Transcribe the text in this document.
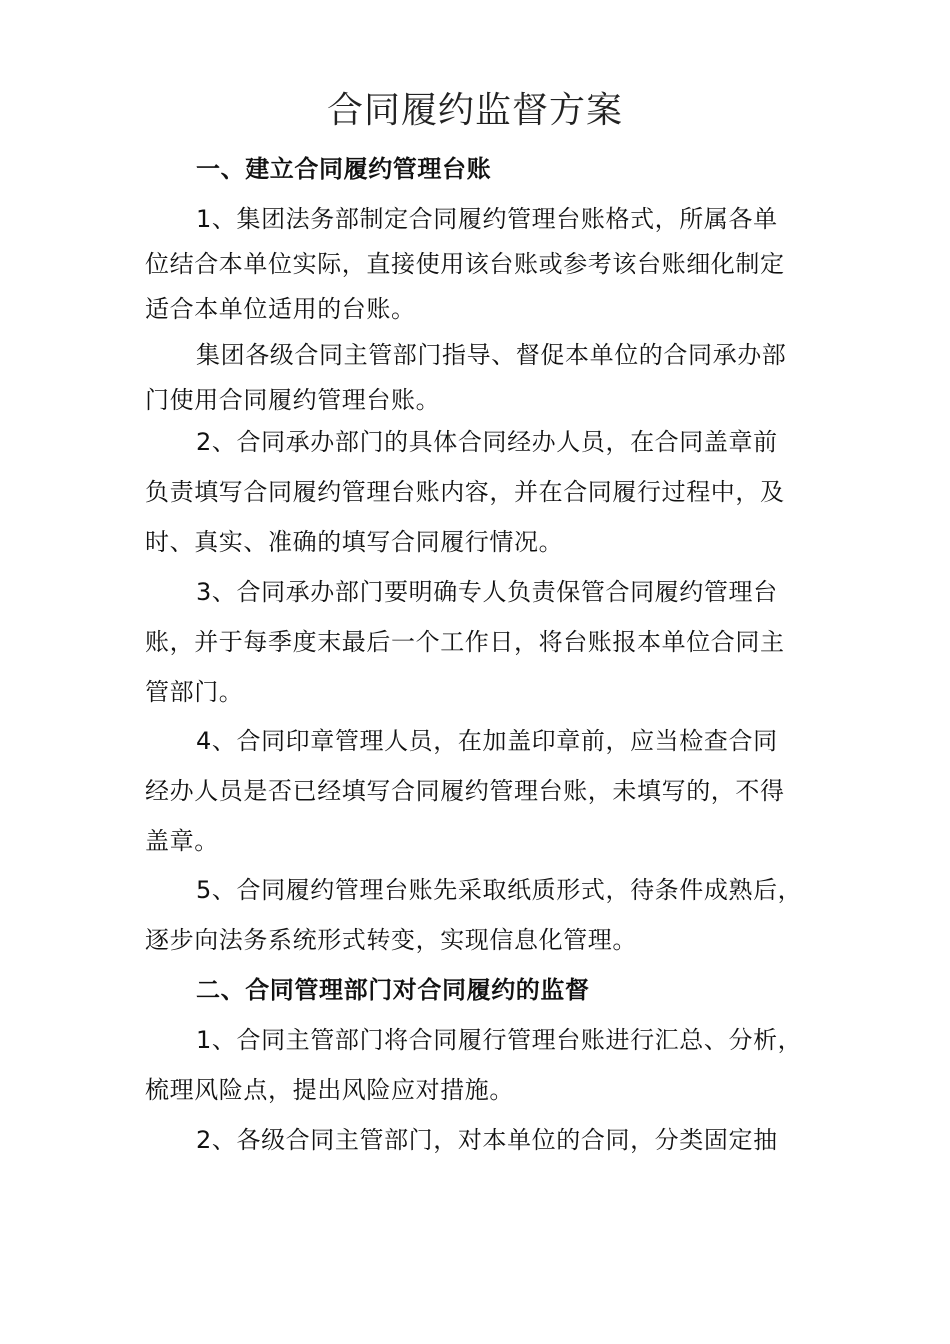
合同履约监督方案
一、建立合同履约管理台账
1、集团法务部制定合同履约管理台账格式，所属各单
位结合本单位实际，直接使用该台账或参考该台账细化制定
适合本单位适用的台账。
集团各级合同主管部门指导、督促本单位的合同承办部
门使用合同履约管理台账。
2、合同承办部门的具体合同经办人员，在合同盖章前
负责填写合同履约管理台账内容，并在合同履行过程中，及
时、真实、准确的填写合同履行情况。
3、合同承办部门要明确专人负责保管合同履约管理台
账，并于每季度末最后一个工作日，将台账报本单位合同主
管部门。
4、合同印章管理人员，在加盖印章前，应当检查合同
经办人员是否已经填写合同履约管理台账，未填写的，不得
盖章。
5、合同履约管理台账先采取纸质形式，待条件成熟后，
逐步向法务系统形式转变，实现信息化管理。
二、合同管理部门对合同履约的监督
1、合同主管部门将合同履行管理台账进行汇总、分析，
梳理风险点，提出风险应对措施。
2、各级合同主管部门，对本单位的合同，分类固定抽
